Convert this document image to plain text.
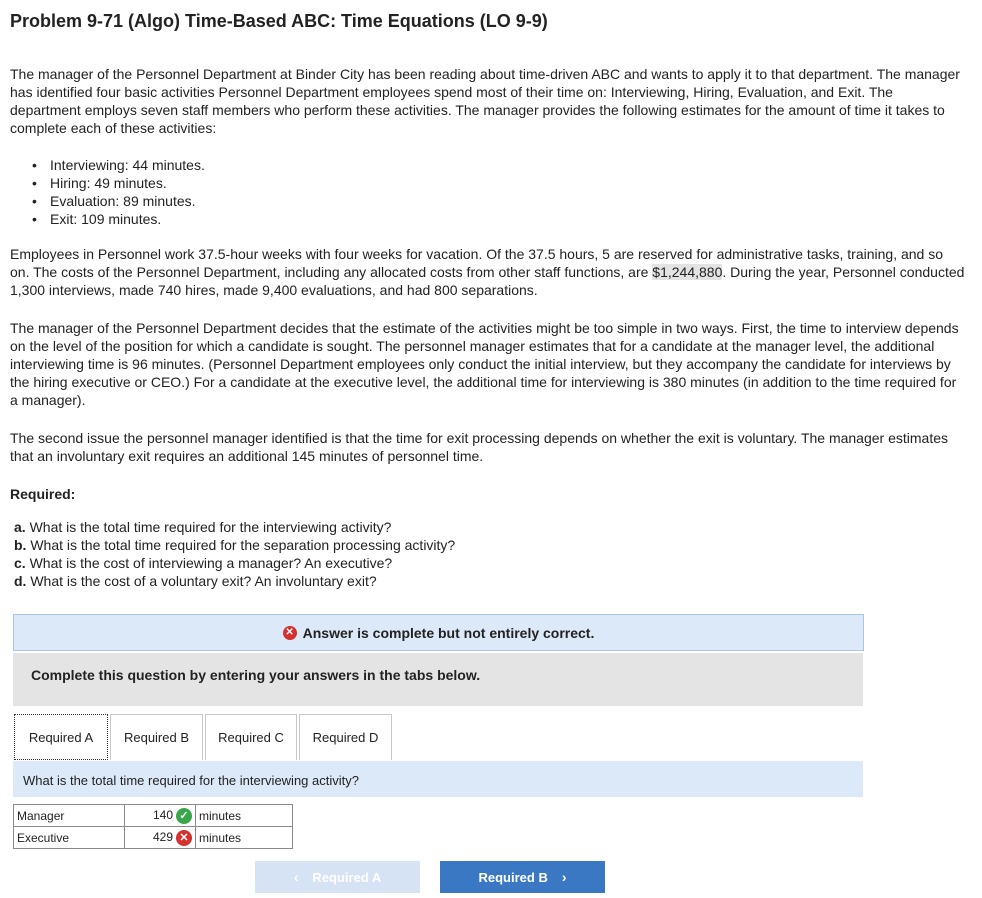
Problem 9-71 (Algo) Time-Based ABC: Time Equations (LO 9-9)

The manager of the Personnel Department at Binder City has been reading about time-driven ABC and wants to apply it to that department. The manager has identified four basic activities Personnel Department employees spend most of their time on: Interviewing, Hiring, Evaluation, and Exit. The department employs seven staff members who perform these activities. The manager provides the following estimates for the amount of time it takes to complete each of these activities:

• Interviewing: 44 minutes.
• Hiring: 49 minutes.
• Evaluation: 89 minutes.
• Exit: 109 minutes.

Employees in Personnel work 37.5-hour weeks with four weeks for vacation. Of the 37.5 hours, 5 are reserved for administrative tasks, training, and so on. The costs of the Personnel Department, including any allocated costs from other staff functions, are $1,244,880. During the year, Personnel conducted 1,300 interviews, made 740 hires, made 9,400 evaluations, and had 800 separations.

The manager of the Personnel Department decides that the estimate of the activities might be too simple in two ways. First, the time to interview depends on the level of the position for which a candidate is sought. The personnel manager estimates that for a candidate at the manager level, the additional interviewing time is 96 minutes. (Personnel Department employees only conduct the initial interview, but they accompany the candidate for interviews by the hiring executive or CEO.) For a candidate at the executive level, the additional time for interviewing is 380 minutes (in addition to the time required for a manager).

The second issue the personnel manager identified is that the time for exit processing depends on whether the exit is voluntary. The manager estimates that an involuntary exit requires an additional 145 minutes of personnel time.

Required:

a. What is the total time required for the interviewing activity?
b. What is the total time required for the separation processing activity?
c. What is the cost of interviewing a manager? An executive?
d. What is the cost of a voluntary exit? An involuntary exit?
✕ Answer is complete but not entirely correct.
Complete this question by entering your answers in the tabs below.
Required A	Required B	Required C	Required D
What is the total time required for the interviewing activity?
Manager	140 ✓	minutes
Executive	429 ✕	minutes
‹ Required A	Required B ›
